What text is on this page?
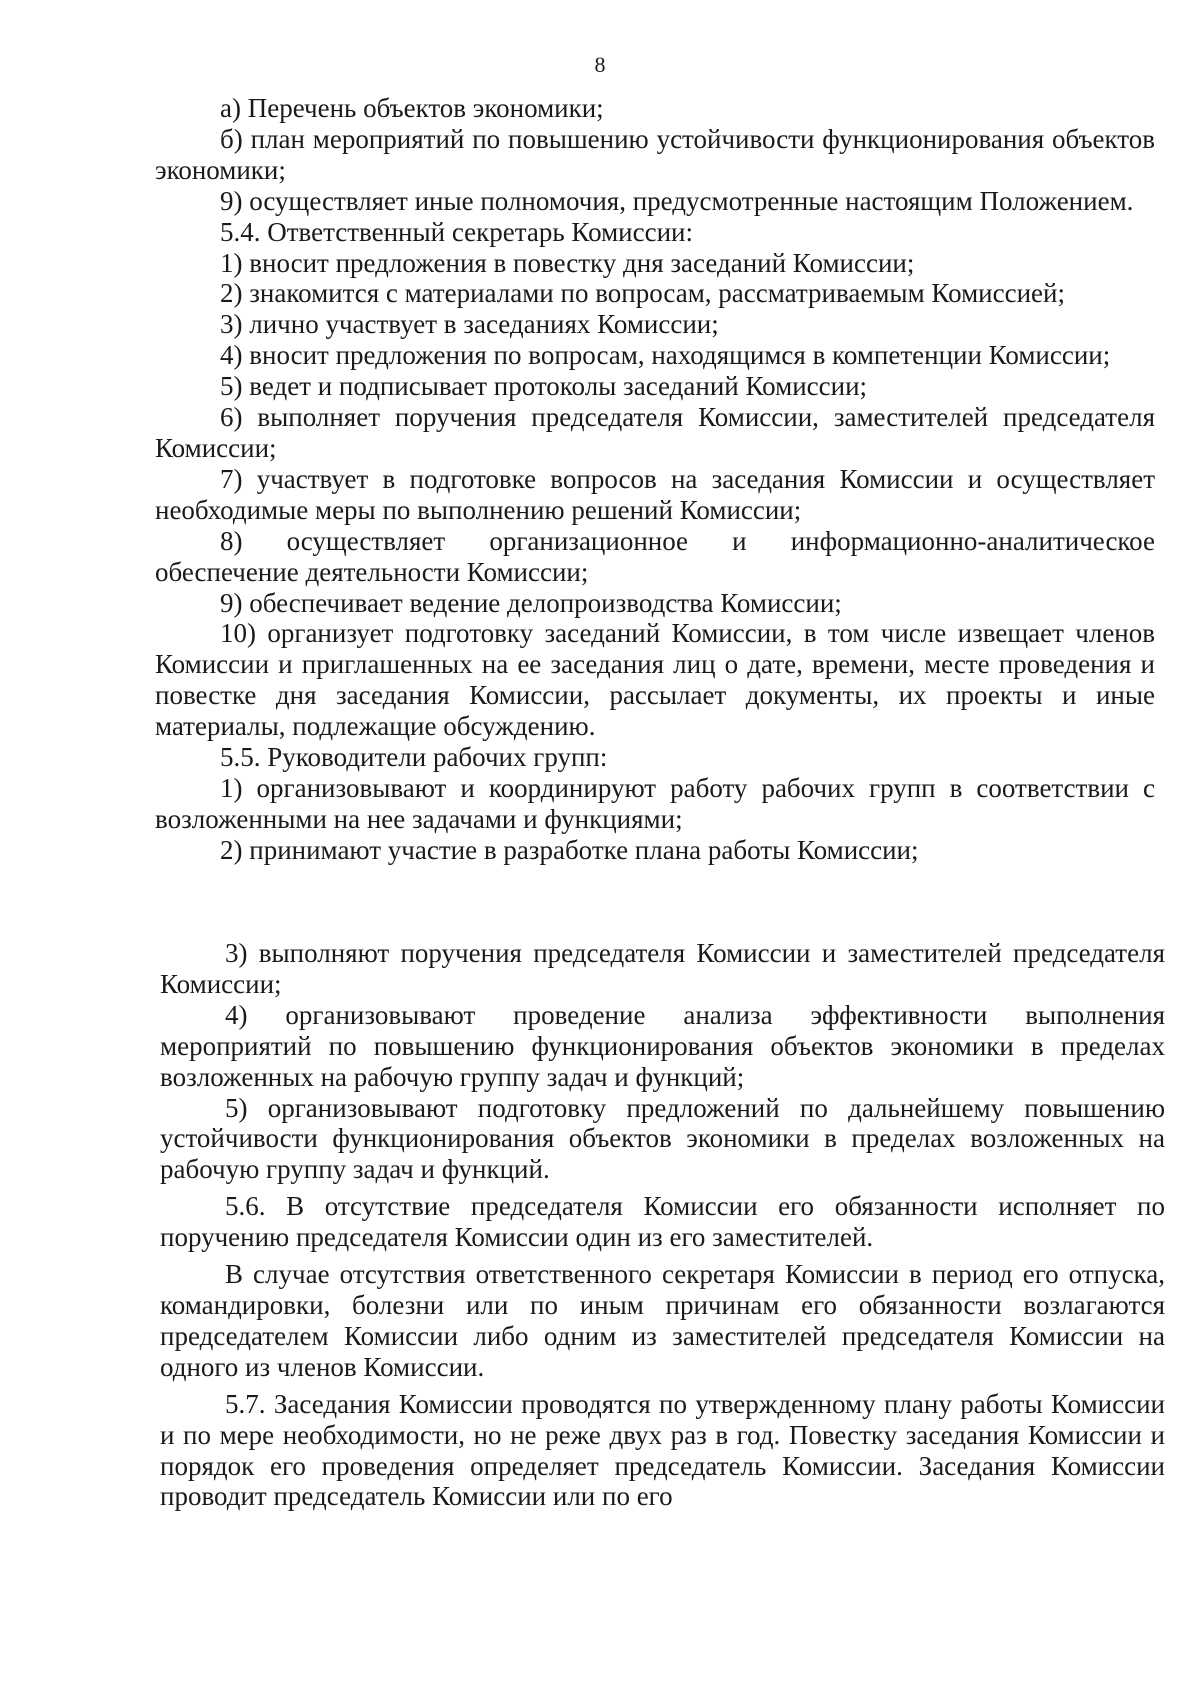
8

а) Перечень объектов экономики;

б) план мероприятий по повышению устойчивости функционирования объектов экономики;

9) осуществляет иные полномочия, предусмотренные настоящим Положением.

5.4. Ответственный секретарь Комиссии:

1) вносит предложения в повестку дня заседаний Комиссии;

2) знакомится с материалами по вопросам, рассматриваемым Комиссией;

3) лично участвует в заседаниях Комиссии;

4) вносит предложения по вопросам, находящимся в компетенции Комиссии;

5) ведет и подписывает протоколы заседаний Комиссии;

6) выполняет поручения председателя Комиссии, заместителей председателя Комиссии;

7) участвует в подготовке вопросов на заседания Комиссии и осуществляет необходимые меры по выполнению решений Комиссии;

8) осуществляет организационное и информационно-аналитическое обеспечение деятельности Комиссии;

9) обеспечивает ведение делопроизводства Комиссии;

10) организует подготовку заседаний Комиссии, в том числе извещает членов Комиссии и приглашенных на ее заседания лиц о дате, времени, месте проведения и повестке дня заседания Комиссии, рассылает документы, их проекты и иные материалы, подлежащие обсуждению.

5.5. Руководители рабочих групп:

1) организовывают и координируют работу рабочих групп в соответствии с возложенными на нее задачами и функциями;

2) принимают участие в разработке плана работы Комиссии;

3) выполняют поручения председателя Комиссии и заместителей председателя Комиссии;

4) организовывают проведение анализа эффективности выполнения мероприятий по повышению функционирования объектов экономики в пределах возложенных на рабочую группу задач и функций;

5) организовывают подготовку предложений по дальнейшему повышению устойчивости функционирования объектов экономики в пределах возложенных на рабочую группу задач и функций.

5.6. В отсутствие председателя Комиссии его обязанности исполняет по поручению председателя Комиссии один из его заместителей.

В случае отсутствия ответственного секретаря Комиссии в период его отпуска, командировки, болезни или по иным причинам его обязанности возлагаются председателем Комиссии либо одним из заместителей председателя Комиссии на одного из членов Комиссии.

5.7. Заседания Комиссии проводятся по утвержденному плану работы Комиссии и по мере необходимости, но не реже двух раз в год. Повестку заседания Комиссии и порядок его проведения определяет председатель Комиссии. Заседания Комиссии проводит председатель Комиссии или по его
